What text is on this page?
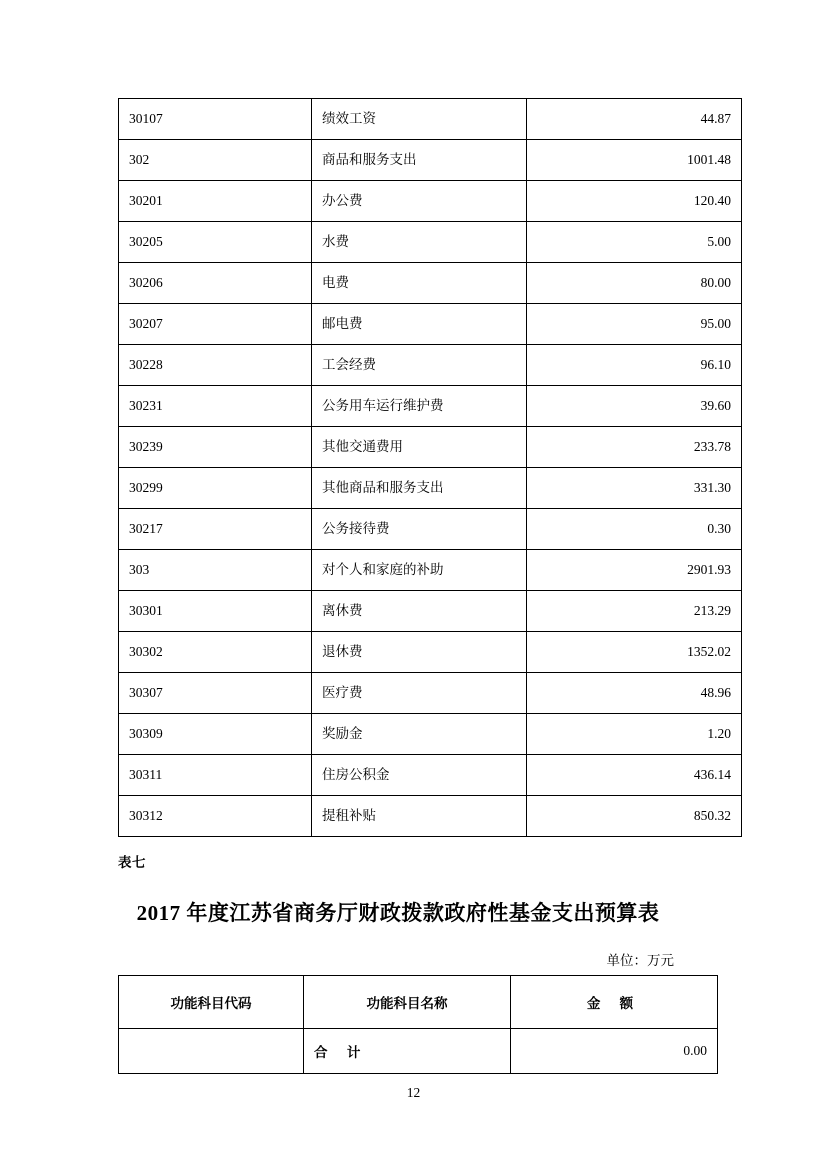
30107	绩效工资	44.87
302	商品和服务支出	1001.48
30201	办公费	120.40
30205	水费	5.00
30206	电费	80.00
30207	邮电费	95.00
30228	工会经费	96.10
30231	公务用车运行维护费	39.60
30239	其他交通费用	233.78
30299	其他商品和服务支出	331.30
30217	公务接待费	0.30
303	对个人和家庭的补助	2901.93
30301	离休费	213.29
30302	退休费	1352.02
30307	医疗费	48.96
30309	奖励金	1.20
30311	住房公积金	436.14
30312	提租补贴	850.32
表七
2017 年度江苏省商务厅财政拨款政府性基金支出预算表
单位：万元
功能科目代码	功能科目名称	金 额
	合 计	0.00
12
